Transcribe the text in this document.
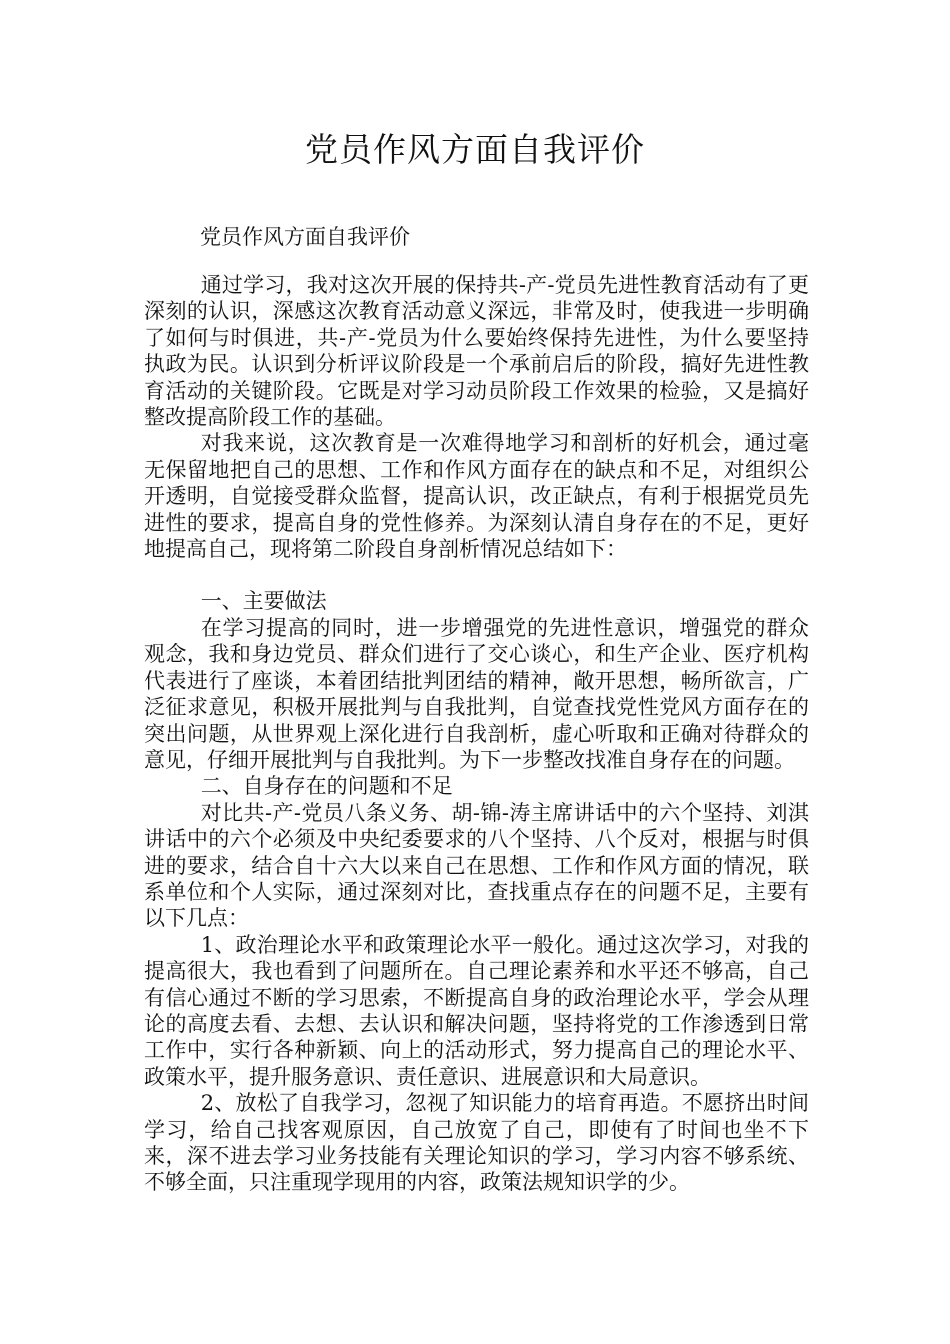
党员作风方面自我评价

党员作风方面自我评价

通过学习，我对这次开展的保持共-产-党员先进性教育活动有了更深刻的认识，深感这次教育活动意义深远，非常及时，使我进一步明确了如何与时俱进，共-产-党员为什么要始终保持先进性，为什么要坚持执政为民。认识到分析评议阶段是一个承前启后的阶段，搞好先进性教育活动的关键阶段。它既是对学习动员阶段工作效果的检验，又是搞好整改提高阶段工作的基础。

对我来说，这次教育是一次难得地学习和剖析的好机会，通过毫无保留地把自己的思想、工作和作风方面存在的缺点和不足，对组织公开透明，自觉接受群众监督，提高认识，改正缺点，有利于根据党员先进性的要求，提高自身的党性修养。为深刻认清自身存在的不足，更好地提高自己，现将第二阶段自身剖析情况总结如下：

一、主要做法

在学习提高的同时，进一步增强党的先进性意识，增强党的群众观念，我和身边党员、群众们进行了交心谈心，和生产企业、医疗机构代表进行了座谈，本着团结批判团结的精神，敞开思想，畅所欲言，广泛征求意见，积极开展批判与自我批判，自觉查找党性党风方面存在的突出问题，从世界观上深化进行自我剖析，虚心听取和正确对待群众的意见，仔细开展批判与自我批判。为下一步整改找准自身存在的问题。

二、自身存在的问题和不足

对比共-产-党员八条义务、胡-锦-涛主席讲话中的六个坚持、刘淇讲话中的六个必须及中央纪委要求的八个坚持、八个反对，根据与时俱进的要求，结合自十六大以来自己在思想、工作和作风方面的情况，联系单位和个人实际，通过深刻对比，查找重点存在的问题不足，主要有以下几点：

1、政治理论水平和政策理论水平一般化。通过这次学习，对我的提高很大，我也看到了问题所在。自己理论素养和水平还不够高，自己有信心通过不断的学习思索，不断提高自身的政治理论水平，学会从理论的高度去看、去想、去认识和解决问题，坚持将党的工作渗透到日常工作中，实行各种新颖、向上的活动形式，努力提高自己的理论水平、政策水平，提升服务意识、责任意识、进展意识和大局意识。

2、放松了自我学习，忽视了知识能力的培育再造。不愿挤出时间学习，给自己找客观原因，自己放宽了自己，即使有了时间也坐不下来，深不进去学习业务技能有关理论知识的学习，学习内容不够系统、不够全面，只注重现学现用的内容，政策法规知识学的少。
